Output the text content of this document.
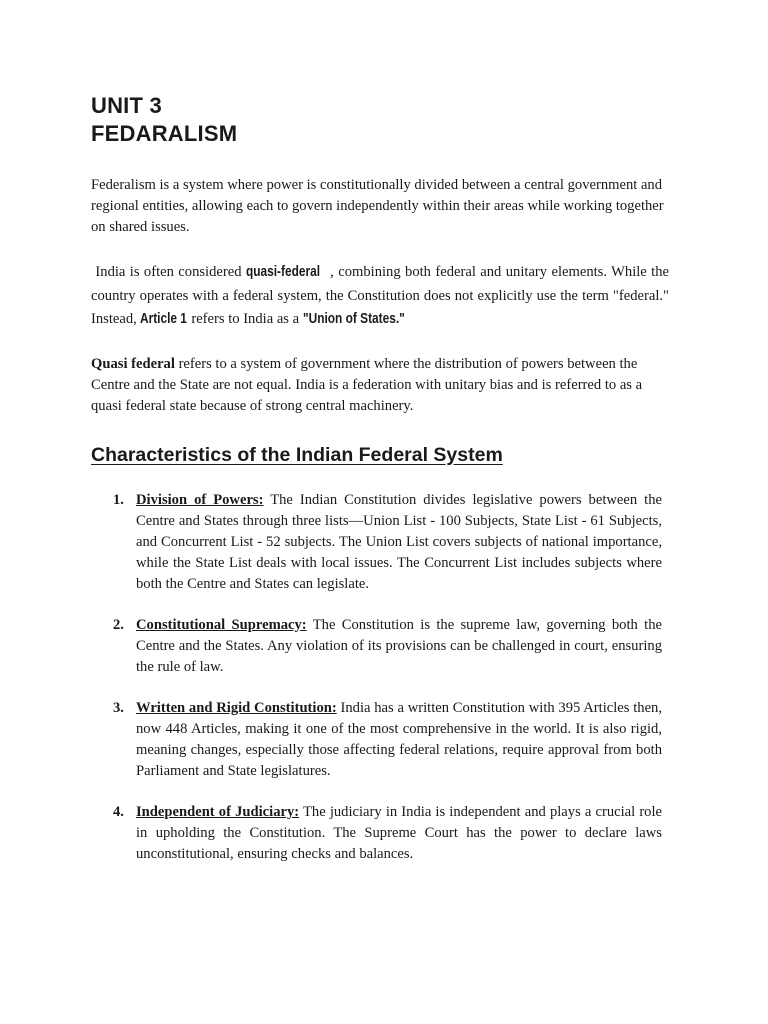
UNIT 3
FEDARALISM

Federalism is a system where power is constitutionally divided between a central government and regional entities, allowing each to govern independently within their areas while working together on shared issues.

India is often considered quasi-federal , combining both federal and unitary elements. While the country operates with a federal system, the Constitution does not explicitly use the term "federal." Instead, Article 1 refers to India as a "Union of States."

Quasi federal refers to a system of government where the distribution of powers between the Centre and the State are not equal. India is a federation with unitary bias and is referred to as a quasi federal state because of strong central machinery.

Characteristics of the Indian Federal System
1. Division of Powers: The Indian Constitution divides legislative powers between the Centre and States through three lists—Union List - 100 Subjects, State List - 61 Subjects, and Concurrent List - 52 subjects. The Union List covers subjects of national importance, while the State List deals with local issues. The Concurrent List includes subjects where both the Centre and States can legislate.
2. Constitutional Supremacy: The Constitution is the supreme law, governing both the Centre and the States. Any violation of its provisions can be challenged in court, ensuring the rule of law.
3. Written and Rigid Constitution: India has a written Constitution with 395 Articles then, now 448 Articles, making it one of the most comprehensive in the world. It is also rigid, meaning changes, especially those affecting federal relations, require approval from both Parliament and State legislatures.
4. Independent of Judiciary: The judiciary in India is independent and plays a crucial role in upholding the Constitution. The Supreme Court has the power to declare laws unconstitutional, ensuring checks and balances.
